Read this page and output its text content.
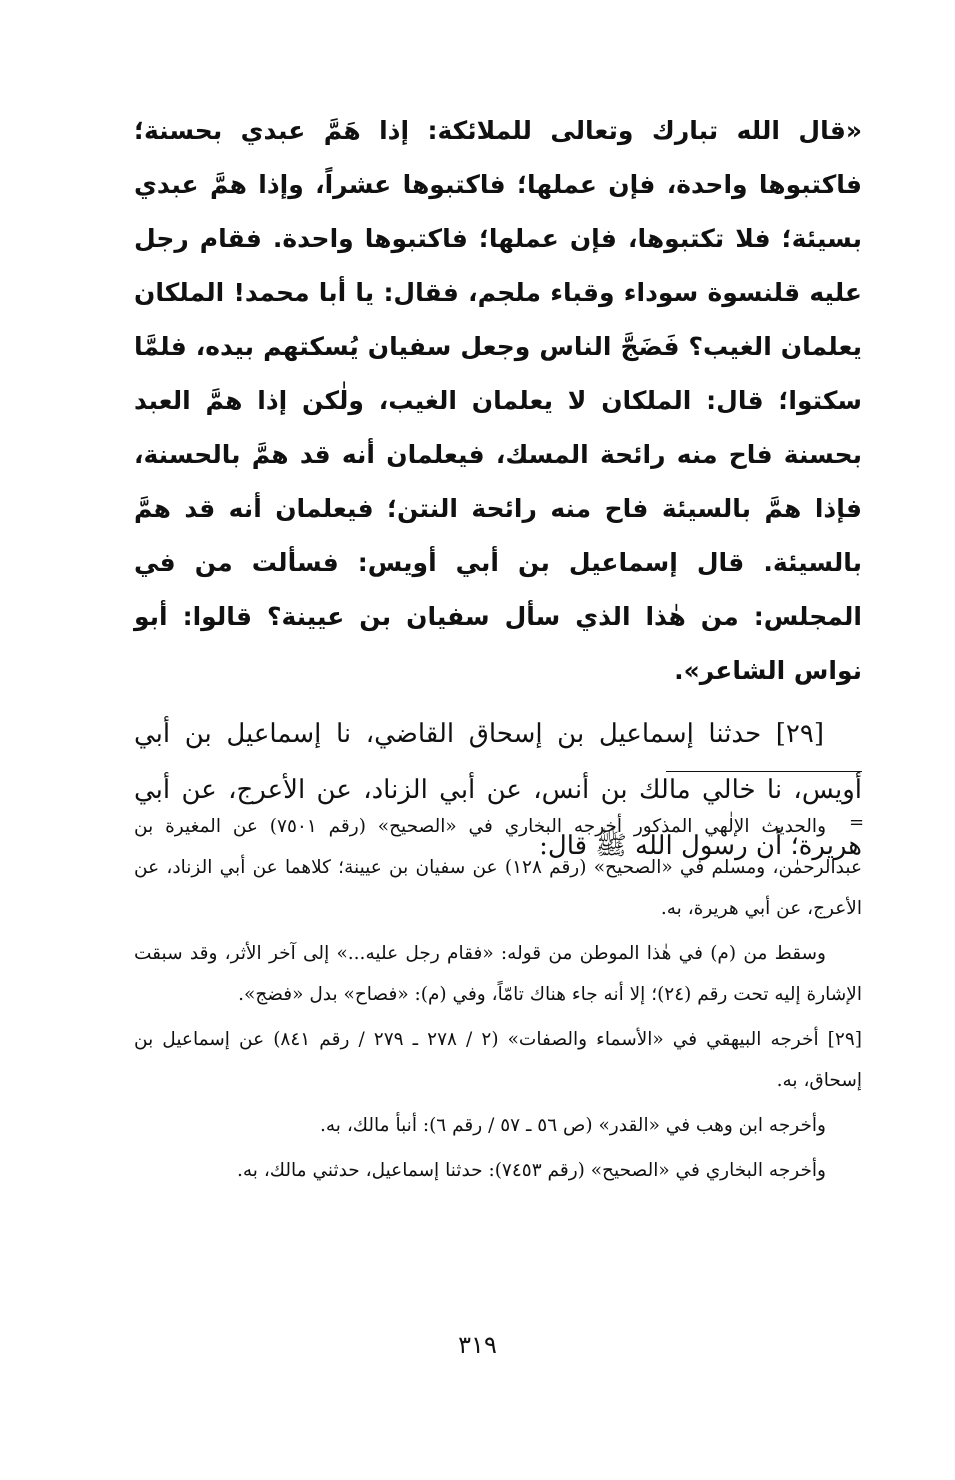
«قال الله تبارك وتعالى للملائكة: إذا هَمَّ عبدي بحسنة؛ فاكتبوها واحدة، فإن عملها؛ فاكتبوها عشراً، وإذا همَّ عبدي بسيئة؛ فلا تكتبوها، فإن عملها؛ فاكتبوها واحدة. فقام رجل عليه قلنسوة سوداء وقباء ملجم، فقال: يا أبا محمد! الملكان يعلمان الغيب؟ فَضَجَّ الناس وجعل سفيان يُسكتهم بيده، فلمَّا سكتوا؛ قال: الملكان لا يعلمان الغيب، ولٰكن إذا همَّ العبد بحسنة فاح منه رائحة المسك، فيعلمان أنه قد همَّ بالحسنة، فإذا همَّ بالسيئة فاح منه رائحة النتن؛ فيعلمان أنه قد همَّ بالسيئة. قال إسماعيل بن أبي أويس: فسألت من في المجلس: من هٰذا الذي سأل سفيان بن عيينة؟ قالوا: أبو نواس الشاعر».

[٢٩] حدثنا إسماعيل بن إسحاق القاضي، نا إسماعيل بن أبي أويس، نا خالي مالك بن أنس، عن أبي الزناد، عن الأعرج، عن أبي هريرة؛ أن رسول الله ﷺ قال:

والحديث الإلٰهي المذكور أخرجه البخاري في «الصحيح» (رقم ٧٥٠١) عن المغيرة بن عبدالرحمٰن، ومسلم في «الصحيح» (رقم ١٢٨) عن سفيان بن عيينة؛ كلاهما عن أبي الزناد، عن الأعرج، عن أبي هريرة، به.

وسقط من (م) في هٰذا الموطن من قوله: «فقام رجل عليه...» إلى آخر الأثر، وقد سبقت الإشارة إليه تحت رقم (٢٤)؛ إلا أنه جاء هناك تامّاً، وفي (م): «فصاح» بدل «فضج».

[٢٩] أخرجه البيهقي في «الأسماء والصفات» (٢ / ٢٧٨ ـ ٢٧٩ / رقم ٨٤١) عن إسماعيل بن إسحاق، به.

وأخرجه ابن وهب في «القدر» (ص ٥٦ ـ ٥٧ / رقم ٦): أنبأ مالك، به.

وأخرجه البخاري في «الصحيح» (رقم ٧٤٥٣): حدثنا إسماعيل، حدثني مالك، به.

=
٣١٩
